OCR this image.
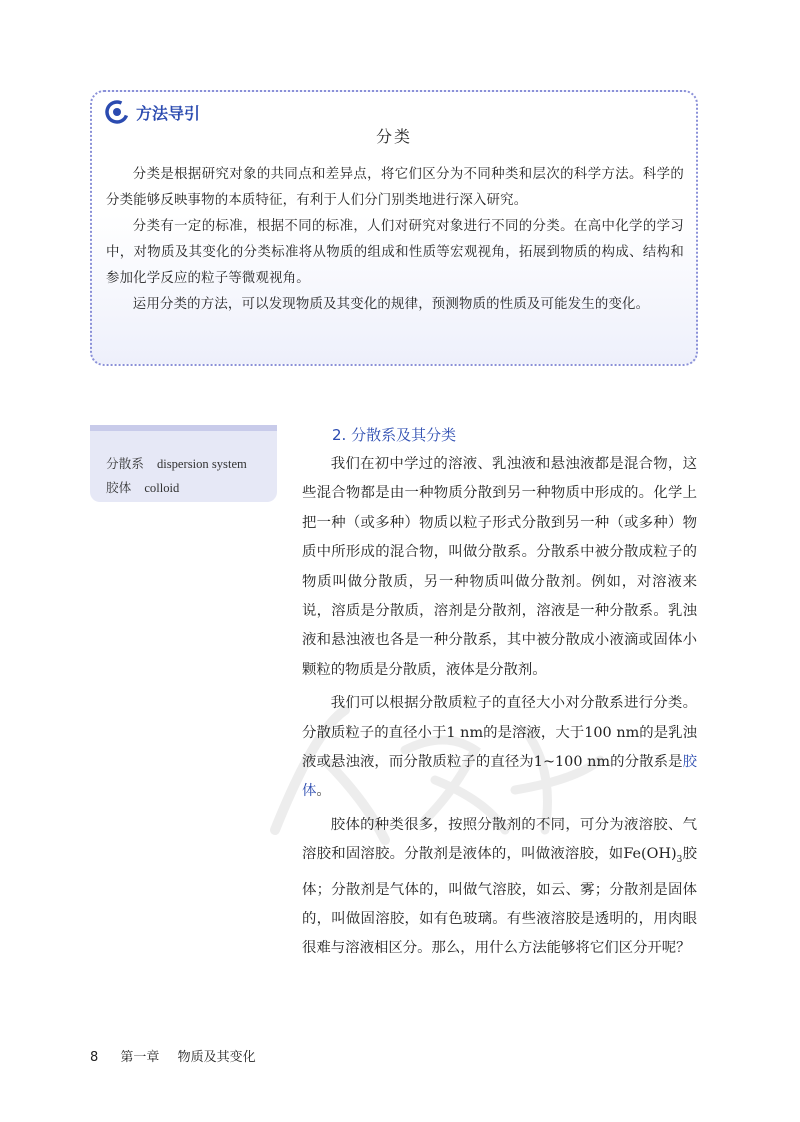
方法导引
分类

分类是根据研究对象的共同点和差异点，将它们区分为不同种类和层次的科学方法。科学的分类能够反映事物的本质特征，有利于人们分门别类地进行深入研究。

分类有一定的标准，根据不同的标准，人们对研究对象进行不同的分类。在高中化学的学习中，对物质及其变化的分类标准将从物质的组成和性质等宏观视角，拓展到物质的构成、结构和参加化学反应的粒子等微观视角。

运用分类的方法，可以发现物质及其变化的规律，预测物质的性质及可能发生的变化。

分散系 dispersion system
胶体 colloid
2. 分散系及其分类

我们在初中学过的溶液、乳浊液和悬浊液都是混合物，这些混合物都是由一种物质分散到另一种物质中形成的。化学上把一种（或多种）物质以粒子形式分散到另一种（或多种）物质中所形成的混合物，叫做分散系。分散系中被分散成粒子的物质叫做分散质，另一种物质叫做分散剂。例如，对溶液来说，溶质是分散质，溶剂是分散剂，溶液是一种分散系。乳浊液和悬浊液也各是一种分散系，其中被分散成小液滴或固体小颗粒的物质是分散质，液体是分散剂。

我们可以根据分散质粒子的直径大小对分散系进行分类。分散质粒子的直径小于1 nm的是溶液，大于100 nm的是乳浊液或悬浊液，而分散质粒子的直径为1~100 nm的分散系是胶体。

胶体的种类很多，按照分散剂的不同，可分为液溶胶、气溶胶和固溶胶。分散剂是液体的，叫做液溶胶，如$Fe(OH)_3$胶体；分散剂是气体的，叫做气溶胶，如云、雾；分散剂是固体的，叫做固溶胶，如有色玻璃。有些液溶胶是透明的，用肉眼很难与溶液相区分。那么，用什么方法能够将它们区分开呢？

8 第一章 物质及其变化
